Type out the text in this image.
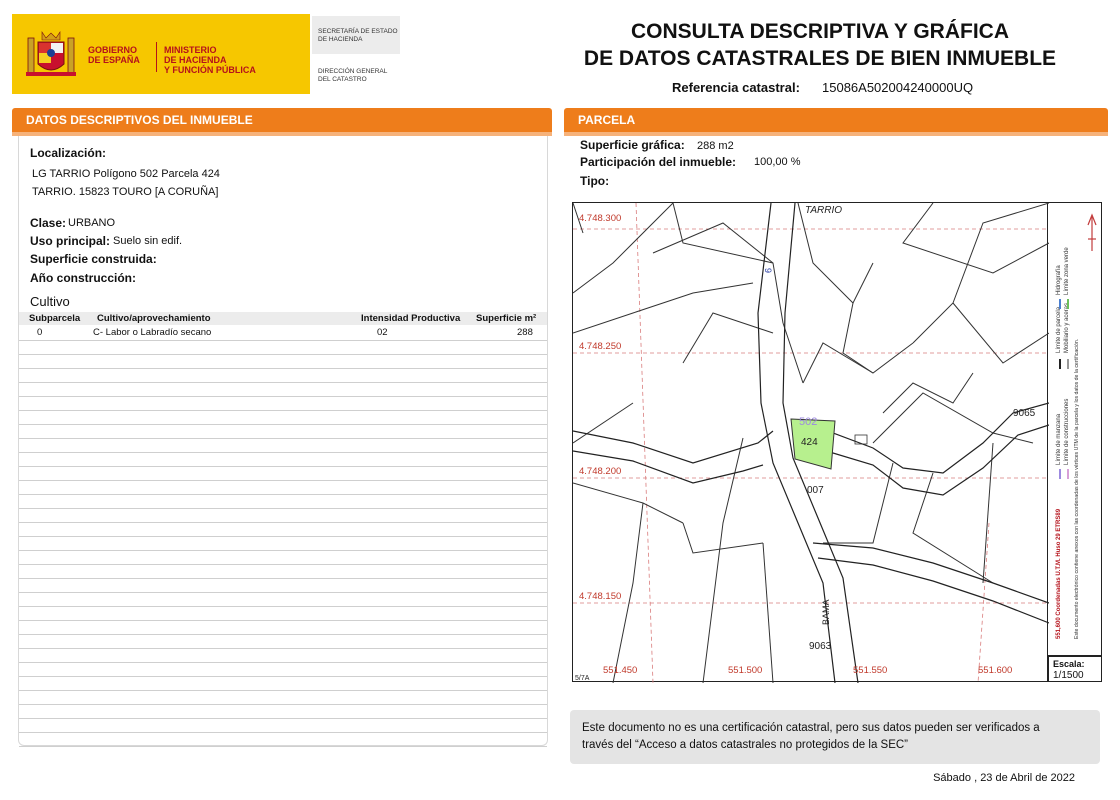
GOBIERNO
DE ESPAÑA
MINISTERIO
DE HACIENDA
Y FUNCIÓN PÚBLICA
SECRETARÍA DE ESTADO
DE HACIENDA
DIRECCIÓN GENERAL
DEL CATASTRO
CONSULTA DESCRIPTIVA Y GRÁFICA
DE DATOS CATASTRALES DE BIEN INMUEBLE
Referencia catastral: 15086A502004240000UQ
DATOS DESCRIPTIVOS DEL INMUEBLE
Localización:
LG TARRIO Polígono 502 Parcela 424
TARRIO. 15823 TOURO [A CORUÑA]
Clase: URBANO
Uso principal: Suelo sin edif.
Superficie construida:
Año construcción:
Cultivo
Subparcela Cultivo/aprovechamiento	Intensidad Productiva Superficie m²
0	C- Labor o Labradío secano	02	288
PARCELA
Superficie gráfica: 288 m2
Participación del inmueble: 100,00 %
Tipo:
4.748.300
4.748.250
4.748.200
4.748.150
551.450	551.500	551.550	551.600
TARRIO
502
424
007
9065
9063
9
BAMA
5/7A
Límite de parcela Mobiliario y aceras
Hidrografía Límite zona verde
Límite de manzana Límite de construcciones
551,600 Coordenadas U.T.M. Huso 29 ETRS89 Este documento electrónico contiene anexos con las coordenadas de los vértices UTM de la parcela y los datos de la certificación.
Escala:
1/1500
Este documento no es una certificación catastral, pero sus datos pueden ser verificados a
través del “Acceso a datos catastrales no protegidos de la SEC”
Sábado , 23 de Abril de 2022
